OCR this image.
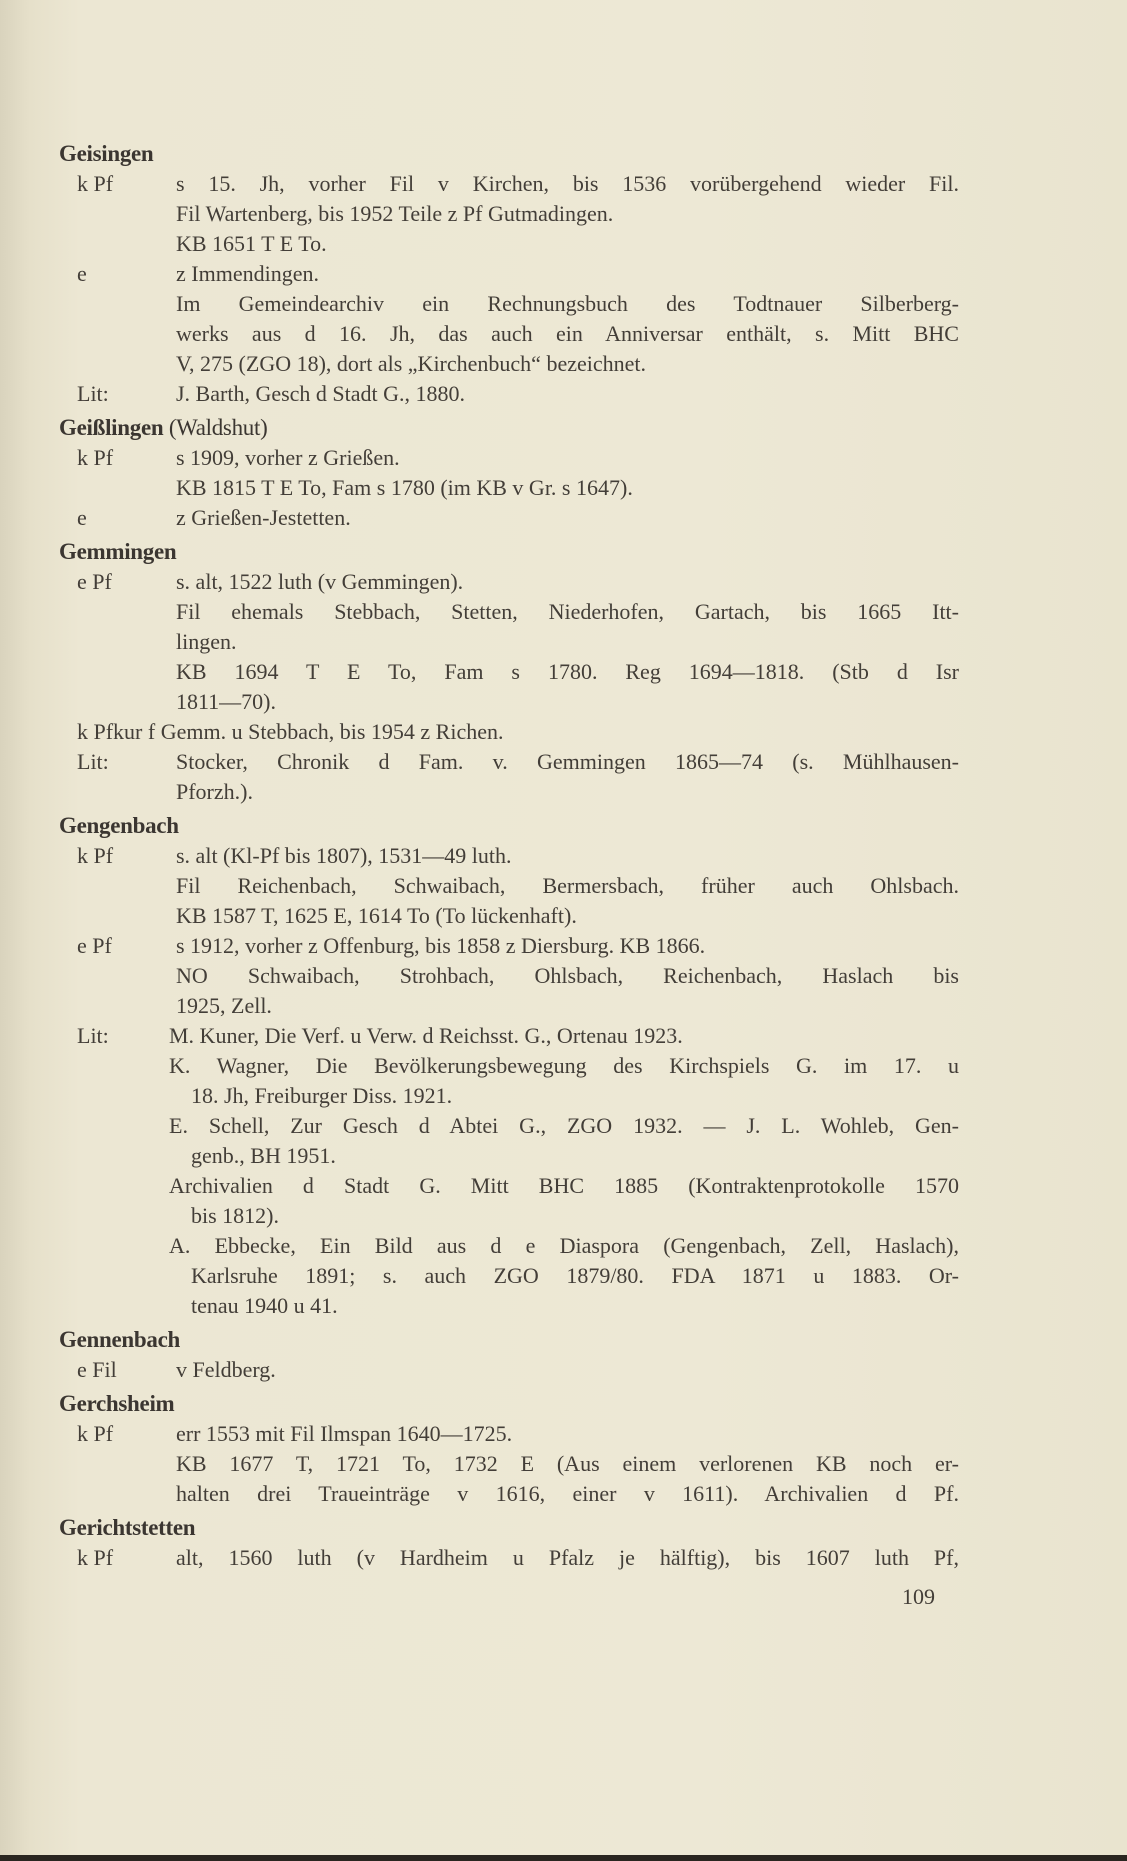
Geisingen
k Pf	s 15. Jh, vorher Fil v Kirchen, bis 1536 vorübergehend wieder Fil.
Fil Wartenberg, bis 1952 Teile z Pf Gutmadingen.
KB 1651 T E To.
e	z Immendingen.
Im Gemeindearchiv ein Rechnungsbuch des Todtnauer Silberberg-
werks aus d 16. Jh, das auch ein Anniversar enthält, s. Mitt BHC
V, 275 (ZGO 18), dort als „Kirchenbuch“ bezeichnet.
Lit:	J. Barth, Gesch d Stadt G., 1880.
Geißlingen (Waldshut)
k Pf	s 1909, vorher z Grießen.
KB 1815 T E To, Fam s 1780 (im KB v Gr. s 1647).
e	z Grießen-Jestetten.
Gemmingen
e Pf	s. alt, 1522 luth (v Gemmingen).
Fil ehemals Stebbach, Stetten, Niederhofen, Gartach, bis 1665 Itt-
lingen.
KB 1694 T E To, Fam s 1780. Reg 1694—1818. (Stb d Isr
1811—70).
k Pfkur f Gemm. u Stebbach, bis 1954 z Richen.
Lit:	Stocker, Chronik d Fam. v. Gemmingen 1865—74 (s. Mühlhausen-
Pforzh.).
Gengenbach
k Pf	s. alt (Kl-Pf bis 1807), 1531—49 luth.
Fil Reichenbach, Schwaibach, Bermersbach, früher auch Ohlsbach.
KB 1587 T, 1625 E, 1614 To (To lückenhaft).
e Pf	s 1912, vorher z Offenburg, bis 1858 z Diersburg. KB 1866.
NO Schwaibach, Strohbach, Ohlsbach, Reichenbach, Haslach bis
1925, Zell.
Lit:	M. Kuner, Die Verf. u Verw. d Reichsst. G., Ortenau 1923.
K. Wagner, Die Bevölkerungsbewegung des Kirchspiels G. im 17. u
18. Jh, Freiburger Diss. 1921.
E. Schell, Zur Gesch d Abtei G., ZGO 1932. — J. L. Wohleb, Gen-
genb., BH 1951.
Archivalien d Stadt G. Mitt BHC 1885 (Kontraktenprotokolle 1570
bis 1812).
A. Ebbecke, Ein Bild aus d e Diaspora (Gengenbach, Zell, Haslach),
Karlsruhe 1891; s. auch ZGO 1879/80. FDA 1871 u 1883. Or-
tenau 1940 u 41.
Gennenbach
e Fil	v Feldberg.
Gerchsheim
k Pf	err 1553 mit Fil Ilmspan 1640—1725.
KB 1677 T, 1721 To, 1732 E (Aus einem verlorenen KB noch er-
halten drei Traueinträge v 1616, einer v 1611). Archivalien d Pf.
Gerichtstetten
k Pf	alt, 1560 luth (v Hardheim u Pfalz je hälftig), bis 1607 luth Pf,
109
